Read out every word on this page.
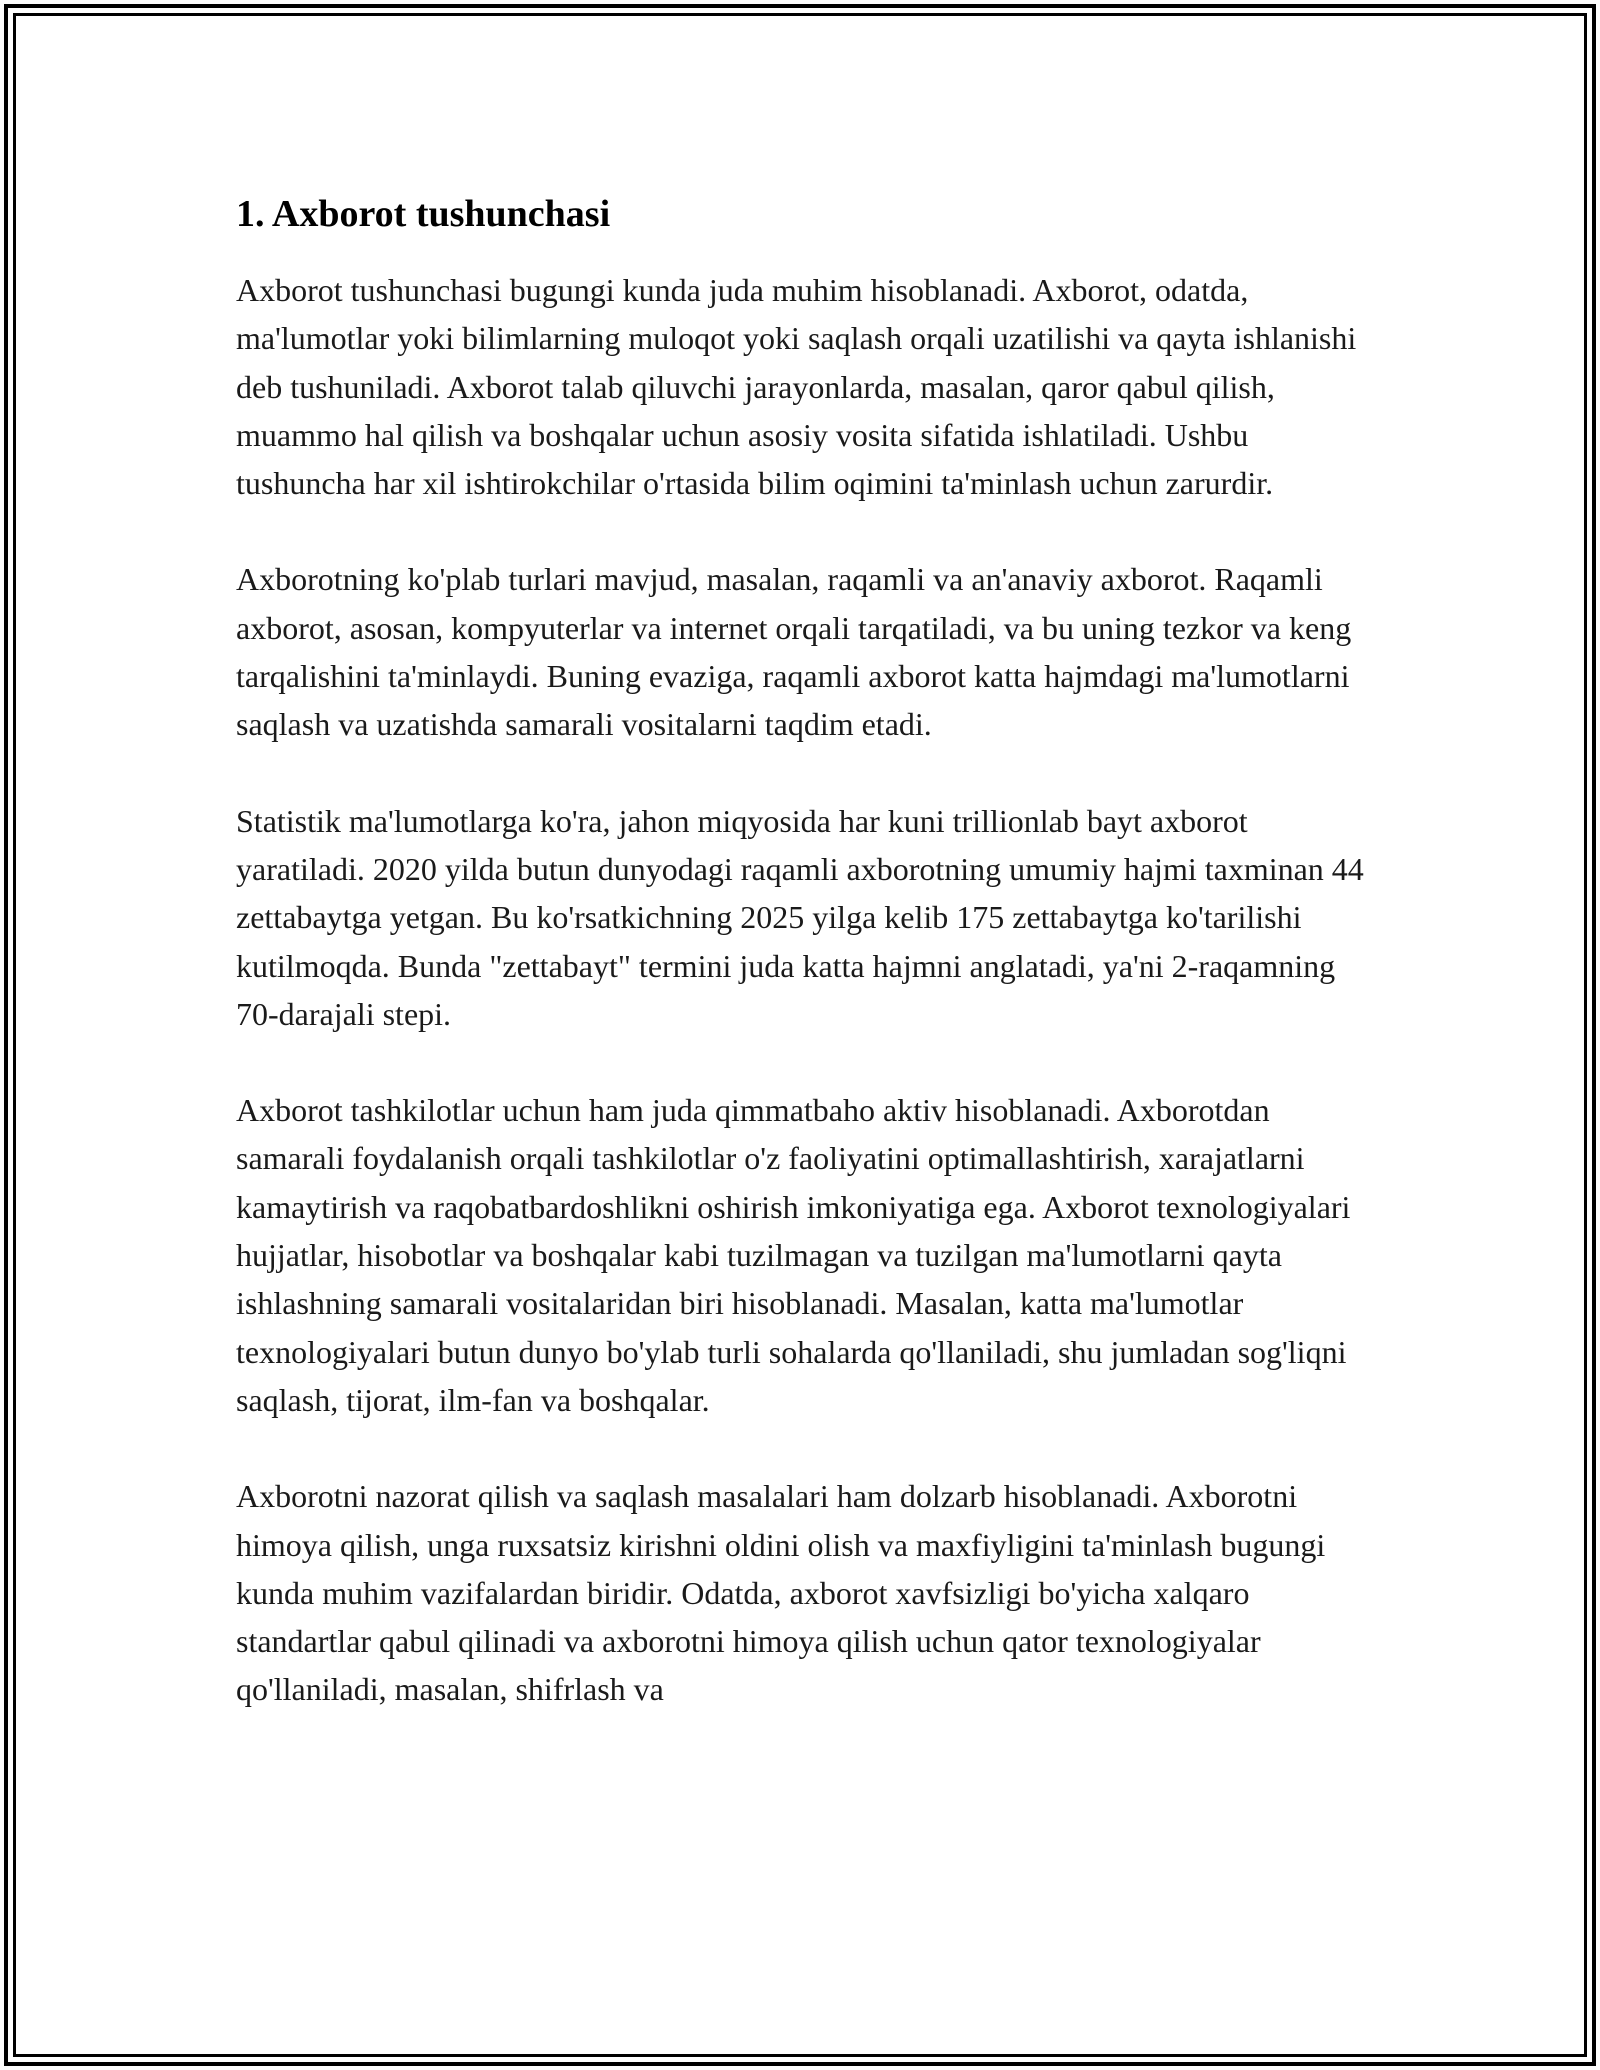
1. Axborot tushunchasi

Axborot tushunchasi bugungi kunda juda muhim hisoblanadi. Axborot, odatda, ma'lumotlar yoki bilimlarning muloqot yoki saqlash orqali uzatilishi va qayta ishlanishi deb tushuniladi. Axborot talab qiluvchi jarayonlarda, masalan, qaror qabul qilish, muammo hal qilish va boshqalar uchun asosiy vosita sifatida ishlatiladi. Ushbu tushuncha har xil ishtirokchilar o'rtasida bilim oqimini ta'minlash uchun zarurdir.

Axborotning ko'plab turlari mavjud, masalan, raqamli va an'anaviy axborot. Raqamli axborot, asosan, kompyuterlar va internet orqali tarqatiladi, va bu uning tezkor va keng tarqalishini ta'minlaydi. Buning evaziga, raqamli axborot katta hajmdagi ma'lumotlarni saqlash va uzatishda samarali vositalarni taqdim etadi.

Statistik ma'lumotlarga ko'ra, jahon miqyosida har kuni trillionlab bayt axborot yaratiladi. 2020 yilda butun dunyodagi raqamli axborotning umumiy hajmi taxminan 44 zettabaytga yetgan. Bu ko'rsatkichning 2025 yilga kelib 175 zettabaytga ko'tarilishi kutilmoqda. Bunda "zettabayt" termini juda katta hajmni anglatadi, ya'ni 2-raqamning 70-darajali stepi.

Axborot tashkilotlar uchun ham juda qimmatbaho aktiv hisoblanadi. Axborotdan samarali foydalanish orqali tashkilotlar o'z faoliyatini optimallashtirish, xarajatlarni kamaytirish va raqobatbardoshlikni oshirish imkoniyatiga ega. Axborot texnologiyalari hujjatlar, hisobotlar va boshqalar kabi tuzilmagan va tuzilgan ma'lumotlarni qayta ishlashning samarali vositalaridan biri hisoblanadi. Masalan, katta ma'lumotlar texnologiyalari butun dunyo bo'ylab turli sohalarda qo'llaniladi, shu jumladan sog'liqni saqlash, tijorat, ilm-fan va boshqalar.

Axborotni nazorat qilish va saqlash masalalari ham dolzarb hisoblanadi. Axborotni himoya qilish, unga ruxsatsiz kirishni oldini olish va maxfiyligini ta'minlash bugungi kunda muhim vazifalardan biridir. Odatda, axborot xavfsizligi bo'yicha xalqaro standartlar qabul qilinadi va axborotni himoya qilish uchun qator texnologiyalar qo'llaniladi, masalan, shifrlash va
